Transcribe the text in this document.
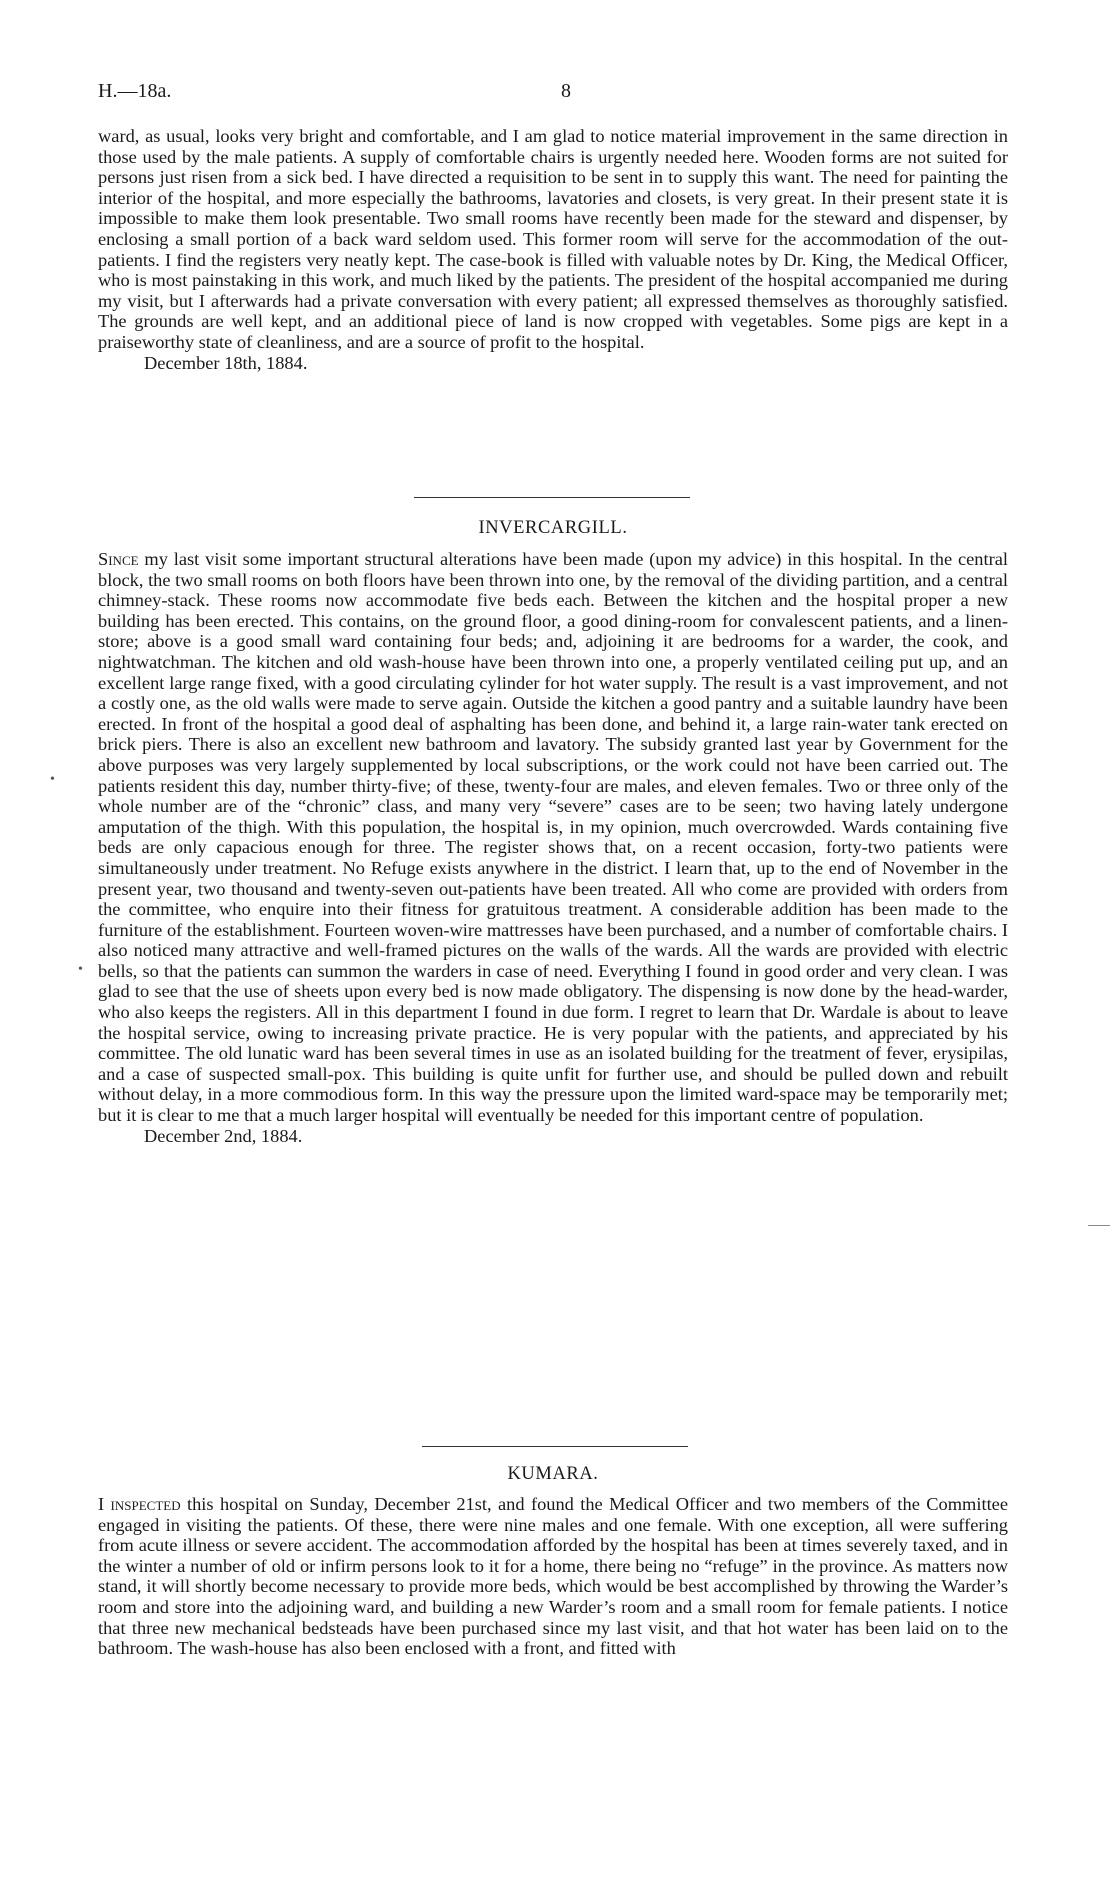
H.—18a.	8

ward, as usual, looks very bright and comfortable, and I am glad to notice material improvement in the same direction in those used by the male patients. A supply of comfortable chairs is urgently needed here. Wooden forms are not suited for persons just risen from a sick bed. I have directed a requisition to be sent in to supply this want. The need for painting the interior of the hospital, and more especially the bathrooms, lavatories and closets, is very great. In their present state it is impossible to make them look presentable. Two small rooms have recently been made for the steward and dispenser, by enclosing a small portion of a back ward seldom used. This former room will serve for the accommodation of the out-patients. I find the registers very neatly kept. The case-book is filled with valuable notes by Dr. King, the Medical Officer, who is most painstaking in this work, and much liked by the patients. The president of the hospital accompanied me during my visit, but I afterwards had a private conversation with every patient; all expressed themselves as thoroughly satisfied. The grounds are well kept, and an additional piece of land is now cropped with vegetables. Some pigs are kept in a praiseworthy state of cleanliness, and are a source of profit to the hospital.

December 18th, 1884.

INVERCARGILL.

Since my last visit some important structural alterations have been made (upon my advice) in this hospital. In the central block, the two small rooms on both floors have been thrown into one, by the removal of the dividing partition, and a central chimney-stack. These rooms now accommodate five beds each. Between the kitchen and the hospital proper a new building has been erected. This contains, on the ground floor, a good dining-room for convalescent patients, and a linen-store; above is a good small ward containing four beds; and, adjoining it are bedrooms for a warder, the cook, and nightwatchman. The kitchen and old wash-house have been thrown into one, a properly ventilated ceiling put up, and an excellent large range fixed, with a good circulating cylinder for hot water supply. The result is a vast improvement, and not a costly one, as the old walls were made to serve again. Outside the kitchen a good pantry and a suitable laundry have been erected. In front of the hospital a good deal of asphalting has been done, and behind it, a large rain-water tank erected on brick piers. There is also an excellent new bathroom and lavatory. The subsidy granted last year by Government for the above purposes was very largely supplemented by local subscriptions, or the work could not have been carried out. The patients resident this day, number thirty-five; of these, twenty-four are males, and eleven females. Two or three only of the whole number are of the “chronic” class, and many very “severe” cases are to be seen; two having lately undergone amputation of the thigh. With this population, the hospital is, in my opinion, much overcrowded. Wards containing five beds are only capacious enough for three. The register shows that, on a recent occasion, forty-two patients were simultaneously under treatment. No Refuge exists anywhere in the district. I learn that, up to the end of November in the present year, two thousand and twenty-seven out-patients have been treated. All who come are provided with orders from the committee, who enquire into their fitness for gratuitous treatment. A considerable addition has been made to the furniture of the establishment. Fourteen woven-wire mattresses have been purchased, and a number of comfortable chairs. I also noticed many attractive and well-framed pictures on the walls of the wards. All the wards are provided with electric bells, so that the patients can summon the warders in case of need. Everything I found in good order and very clean. I was glad to see that the use of sheets upon every bed is now made obligatory. The dispensing is now done by the head-warder, who also keeps the registers. All in this department I found in due form. I regret to learn that Dr. Wardale is about to leave the hospital service, owing to increasing private practice. He is very popular with the patients, and appreciated by his committee. The old lunatic ward has been several times in use as an isolated building for the treatment of fever, erysipilas, and a case of suspected small-pox. This building is quite unfit for further use, and should be pulled down and rebuilt without delay, in a more commodious form. In this way the pressure upon the limited ward-space may be temporarily met; but it is clear to me that a much larger hospital will eventually be needed for this important centre of population.

December 2nd, 1884.

KUMARA.

I inspected this hospital on Sunday, December 21st, and found the Medical Officer and two members of the Committee engaged in visiting the patients. Of these, there were nine males and one female. With one exception, all were suffering from acute illness or severe accident. The accommodation afforded by the hospital has been at times severely taxed, and in the winter a number of old or infirm persons look to it for a home, there being no “refuge” in the province. As matters now stand, it will shortly become necessary to provide more beds, which would be best accomplished by throwing the Warder’s room and store into the adjoining ward, and building a new Warder’s room and a small room for female patients. I notice that three new mechanical bedsteads have been purchased since my last visit, and that hot water has been laid on to the bathroom. The wash-house has also been enclosed with a front, and fitted with

•
•
